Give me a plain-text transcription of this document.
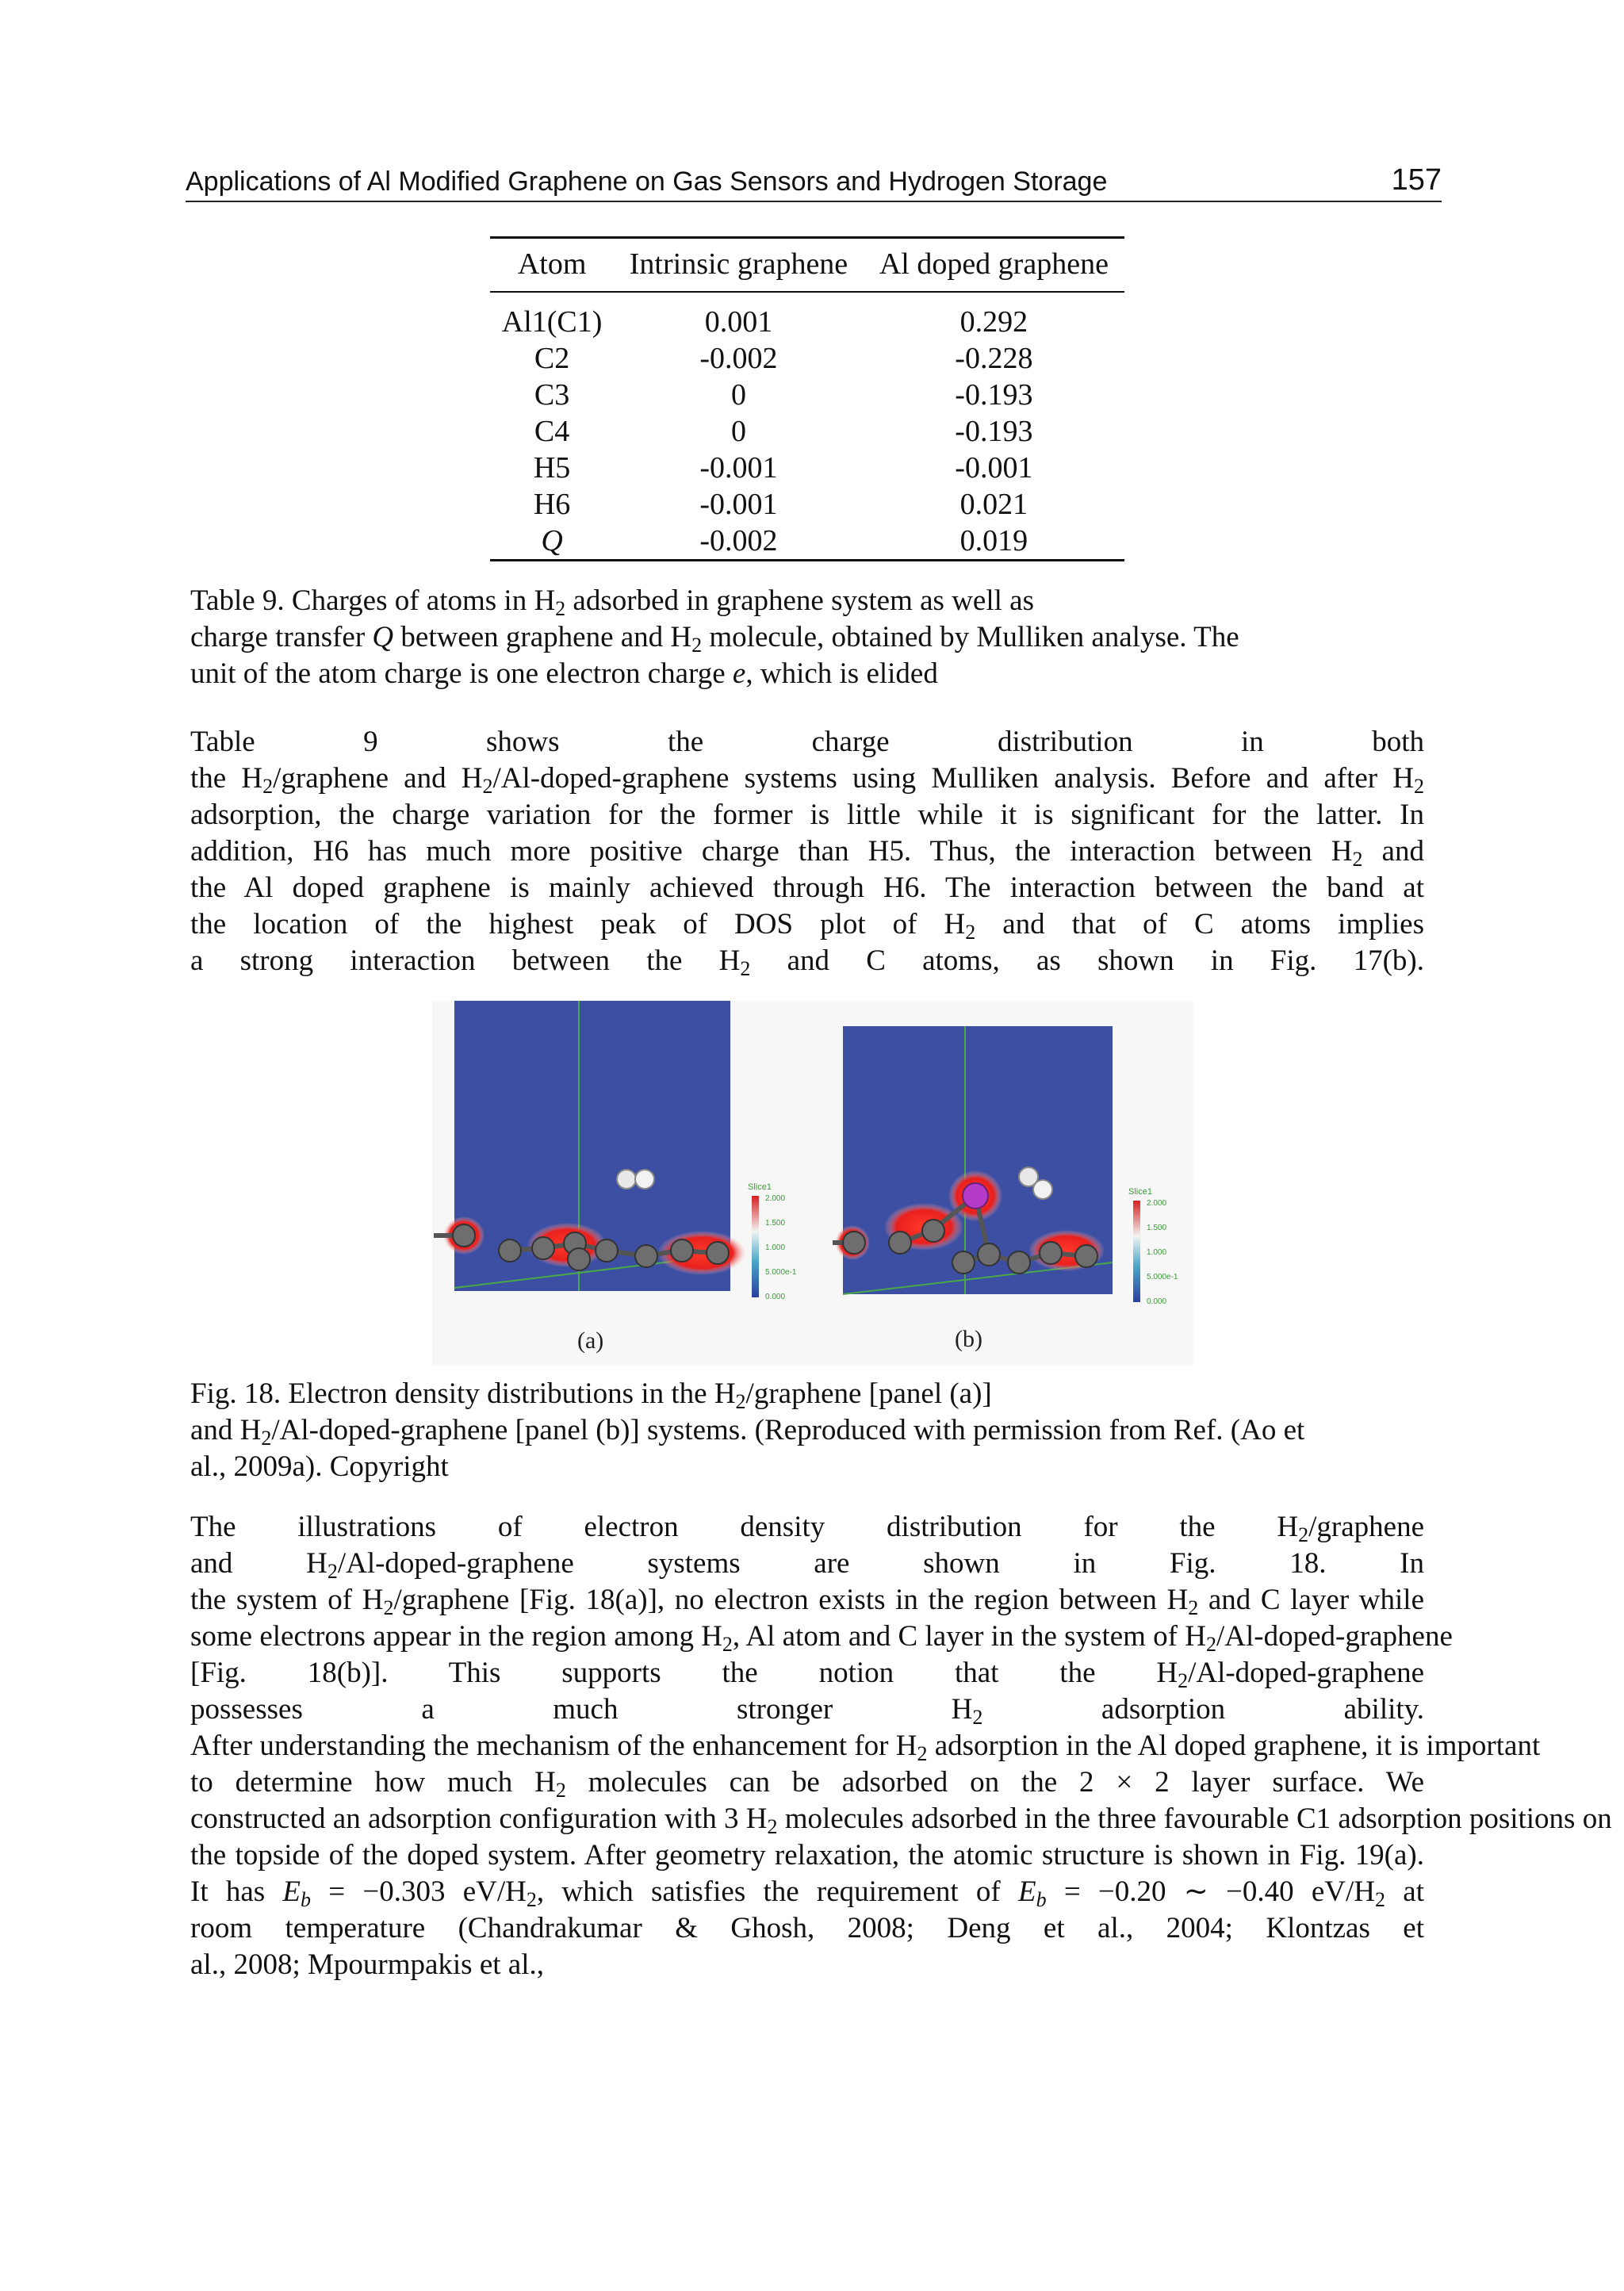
Applications of Al Modified Graphene on Gas Sensors and Hydrogen Storage	157
Atom	Intrinsic graphene	Al doped graphene
Al1(C1)	0.001	0.292
C2	-0.002	-0.228
C3	0	-0.193
C4	0	-0.193
H5	-0.001	-0.001
H6	-0.001	0.021
Q	-0.002	0.019
Table 9. Charges of atoms in $H_2$ adsorbed in graphene system as well as
charge transfer Q between graphene and $H_2$ molecule, obtained by Mulliken analyse. The
unit of the atom charge is one electron charge e, which is elided
Table 9 shows the charge distribution in both
the $H_2$/graphene and $H_2/Al-doped$-graphene systems using Mulliken analysis. Before and after $H_2$
adsorption, the charge variation for the former is little while it is significant for the latter. In
addition, H6 has much more positive charge than H5. Thus, the interaction between $H_2$ and
the Al doped graphene is mainly achieved through H6. The interaction between the band at
the location of the highest peak of DOS plot of $H_2$ and that of C atoms implies
a strong interaction between the $H_2$ and C atoms, as shown in Fig. 17(b).
Slice1
2.000
1.500
1.000
5.000e-1
0.000
Slice1
2.000
1.500
1.000
5.000e-1
0.000
(a)	(b)
Fig. 18. Electron density distributions in the $H_2$/graphene [panel (a)]
and $H_2/Al-doped$-graphene [panel (b)] systems. (Reproduced with permission from Ref. (Ao et
al., 2009a). Copyright
The illustrations of electron density distribution for the $H_2$/graphene
and $H_2/Al-doped$-graphene systems are shown in Fig. 18. In
the system of $H_2$/graphene [Fig. 18(a)], no electron exists in the region between $H_2$ and C layer while
some electrons appear in the region among $H_2$, Al atom and C layer in the system of $H_2/Al-doped$-graphene
[Fig. 18(b)]. This supports the notion that the $H_2/Al-doped$-graphene
possesses a much stronger $H_2$ adsorption ability.
After understanding the mechanism of the enhancement for $H_2$ adsorption in the Al doped graphene, it is important
to determine how much $H_2$ molecules can be adsorbed on the 2 × 2 layer surface. We
constructed an adsorption configuration with 3 $H_2$ molecules adsorbed in the three favourable C1 adsorption positions on
the topside of the doped system. After geometry relaxation, the atomic structure is shown in Fig. 19(a).
It has $E_b = -0.303$ $eV/H_2$, which satisfies the requirement of $E_b = -0.20$ ∼ −0.40 $eV/H_2$ at
room temperature (Chandrakumar & Ghosh, 2008; Deng et al., 2004; Klontzas et
al., 2008; Mpourmpakis et al.,
